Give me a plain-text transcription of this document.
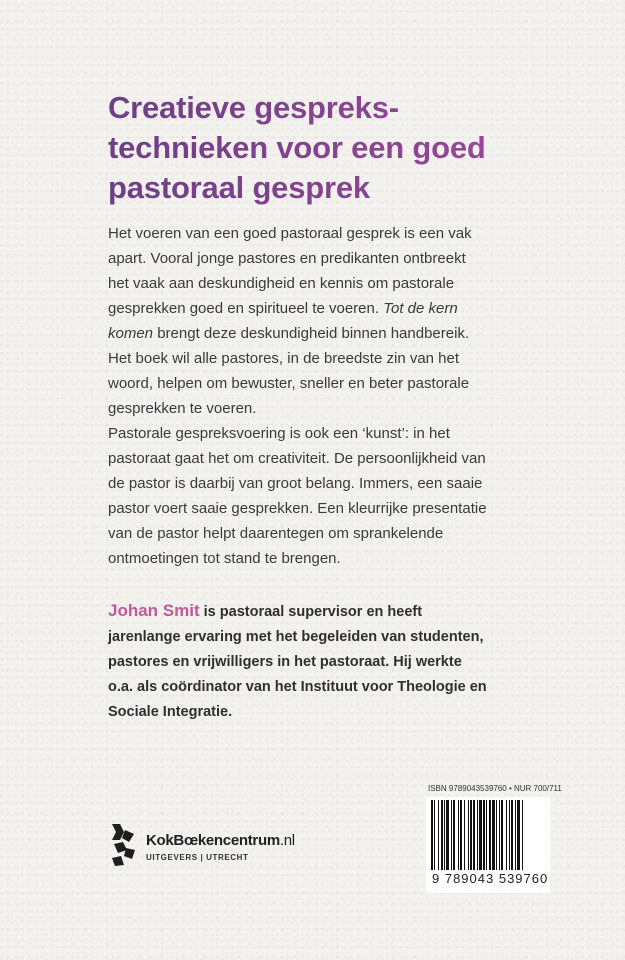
Creatieve gespreks-
technieken voor een goed
pastoraal gesprek
Het voeren van een goed pastoraal gesprek is een vak
apart. Vooral jonge pastores en predikanten ontbreekt
het vaak aan deskundigheid en kennis om pastorale
gesprekken goed en spiritueel te voeren. Tot de kern
komen brengt deze deskundigheid binnen handbereik.
Het boek wil alle pastores, in de breedste zin van het
woord, helpen om bewuster, sneller en beter pastorale
gesprekken te voeren.
Pastorale gespreksvoering is ook een ‘kunst’: in het
pastoraat gaat het om creativiteit. De persoonlijkheid van
de pastor is daarbij van groot belang. Immers, een saaie
pastor voert saaie gesprekken. Een kleurrijke presentatie
van de pastor helpt daarentegen om sprankelende
ontmoetingen tot stand te brengen.
Johan Smit is pastoraal supervisor en heeft
jarenlange ervaring met het begeleiden van studenten,
pastores en vrijwilligers in het pastoraat. Hij werkte
o.a. als coördinator van het Instituut voor Theologie en
Sociale Integratie.
KokBœkencentrum.nl
UITGEVERS | UTRECHT
ISBN 9789043539760 • NUR 700/711
9 789043 539760
